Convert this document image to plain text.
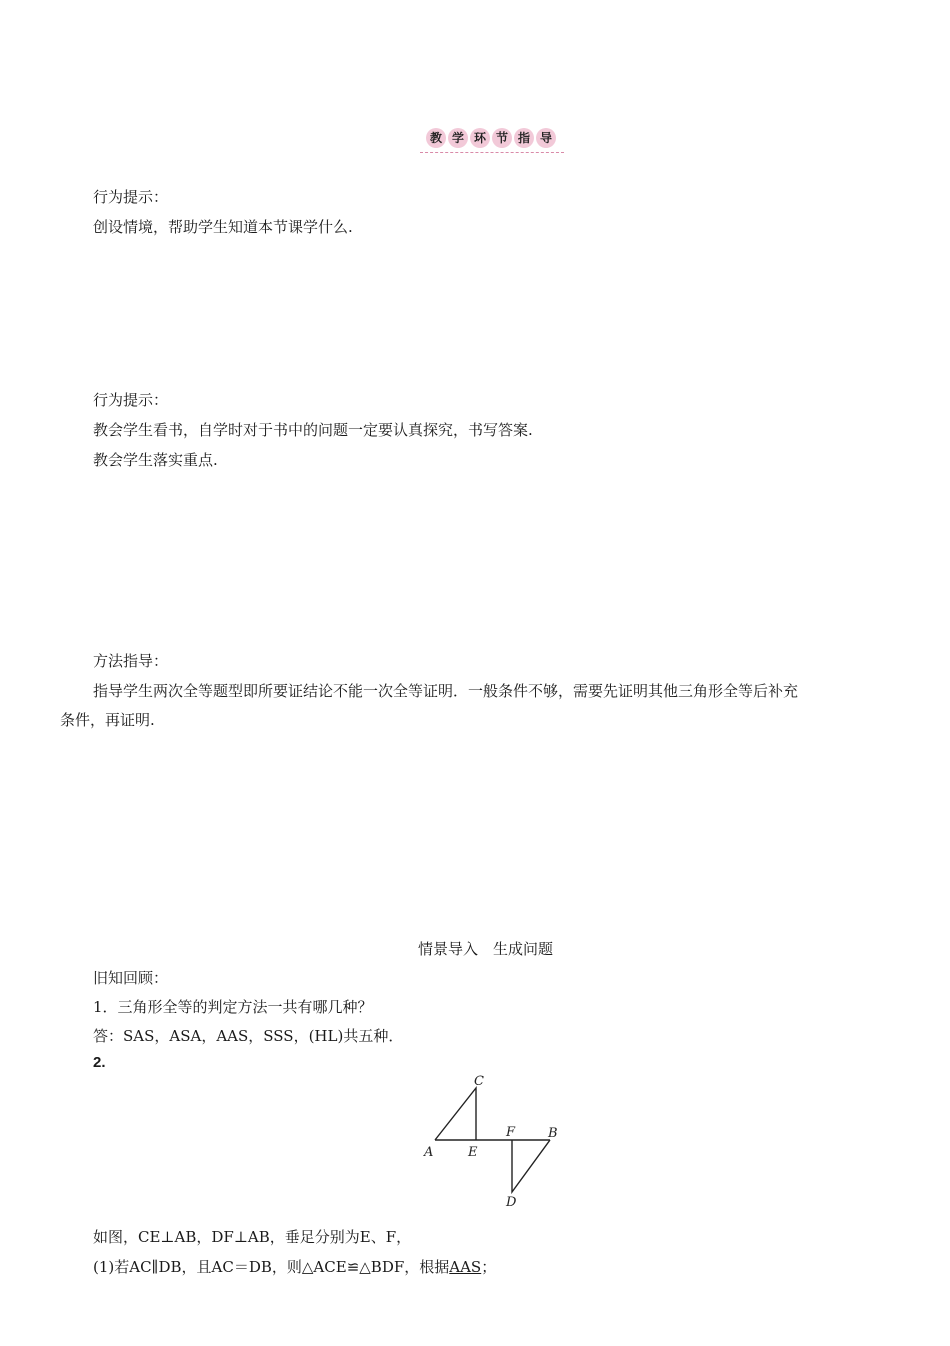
教 学 环 节 指 导
行为提示：
创设情境，帮助学生知道本节课学什么.
行为提示：
教会学生看书，自学时对于书中的问题一定要认真探究，书写答案.
教会学生落实重点.
方法指导：
指导学生两次全等题型即所要证结论不能一次全等证明．一般条件不够，需要先证明其他三角形全等后补充
条件，再证明.
情景导入　生成问题
旧知回顾：
1．三角形全等的判定方法一共有哪几种？
答：SAS，ASA，AAS，SSS，(HL)共五种．
2.
A
C
E
F	B
D
如图，CE⊥AB，DF⊥AB，垂足分别为E、F，
(1)若AC∥DB，且AC＝DB，则△ACE≌△BDF，根据AAS；
